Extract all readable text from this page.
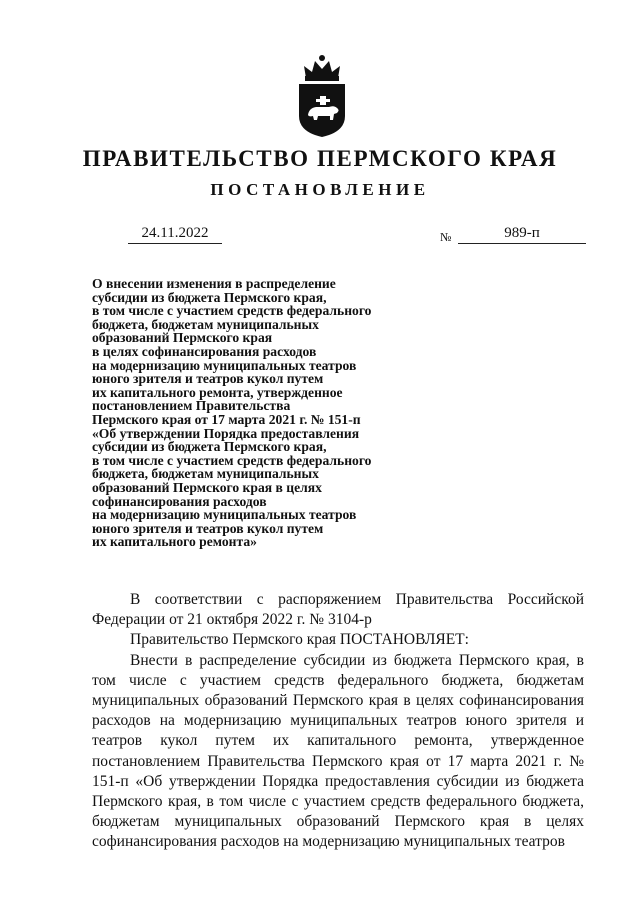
ПРАВИТЕЛЬСТВО ПЕРМСКОГО КРАЯ
ПОСТАНОВЛЕНИЕ
24.11.2022	№	989-п
О внесении изменения в распределение
субсидии из бюджета Пермского края,
в том числе с участием средств федерального
бюджета, бюджетам муниципальных
образований Пермского края
в целях софинансирования расходов
на модернизацию муниципальных театров
юного зрителя и театров кукол путем
их капитального ремонта, утвержденное
постановлением Правительства
Пермского края от 17 марта 2021 г. № 151-п
«Об утверждении Порядка предоставления
субсидии из бюджета Пермского края,
в том числе с участием средств федерального
бюджета, бюджетам муниципальных
образований Пермского края в целях
софинансирования расходов
на модернизацию муниципальных театров
юного зрителя и театров кукол путем
их капитального ремонта»
В соответствии с распоряжением Правительства Российской Федерации от 21 октября 2022 г. № 3104-р
Правительство Пермского края ПОСТАНОВЛЯЕТ:
Внести в распределение субсидии из бюджета Пермского края, в том числе с участием средств федерального бюджета, бюджетам муниципальных образований Пермского края в целях софинансирования расходов на модернизацию муниципальных театров юного зрителя и театров кукол путем их капитального ремонта, утвержденное постановлением Правительства Пермского края от 17 марта 2021 г. № 151-п «Об утверждении Порядка предоставления субсидии из бюджета Пермского края, в том числе с участием средств федерального бюджета, бюджетам муниципальных образований Пермского края в целях софинансирования расходов на модернизацию муниципальных театров
